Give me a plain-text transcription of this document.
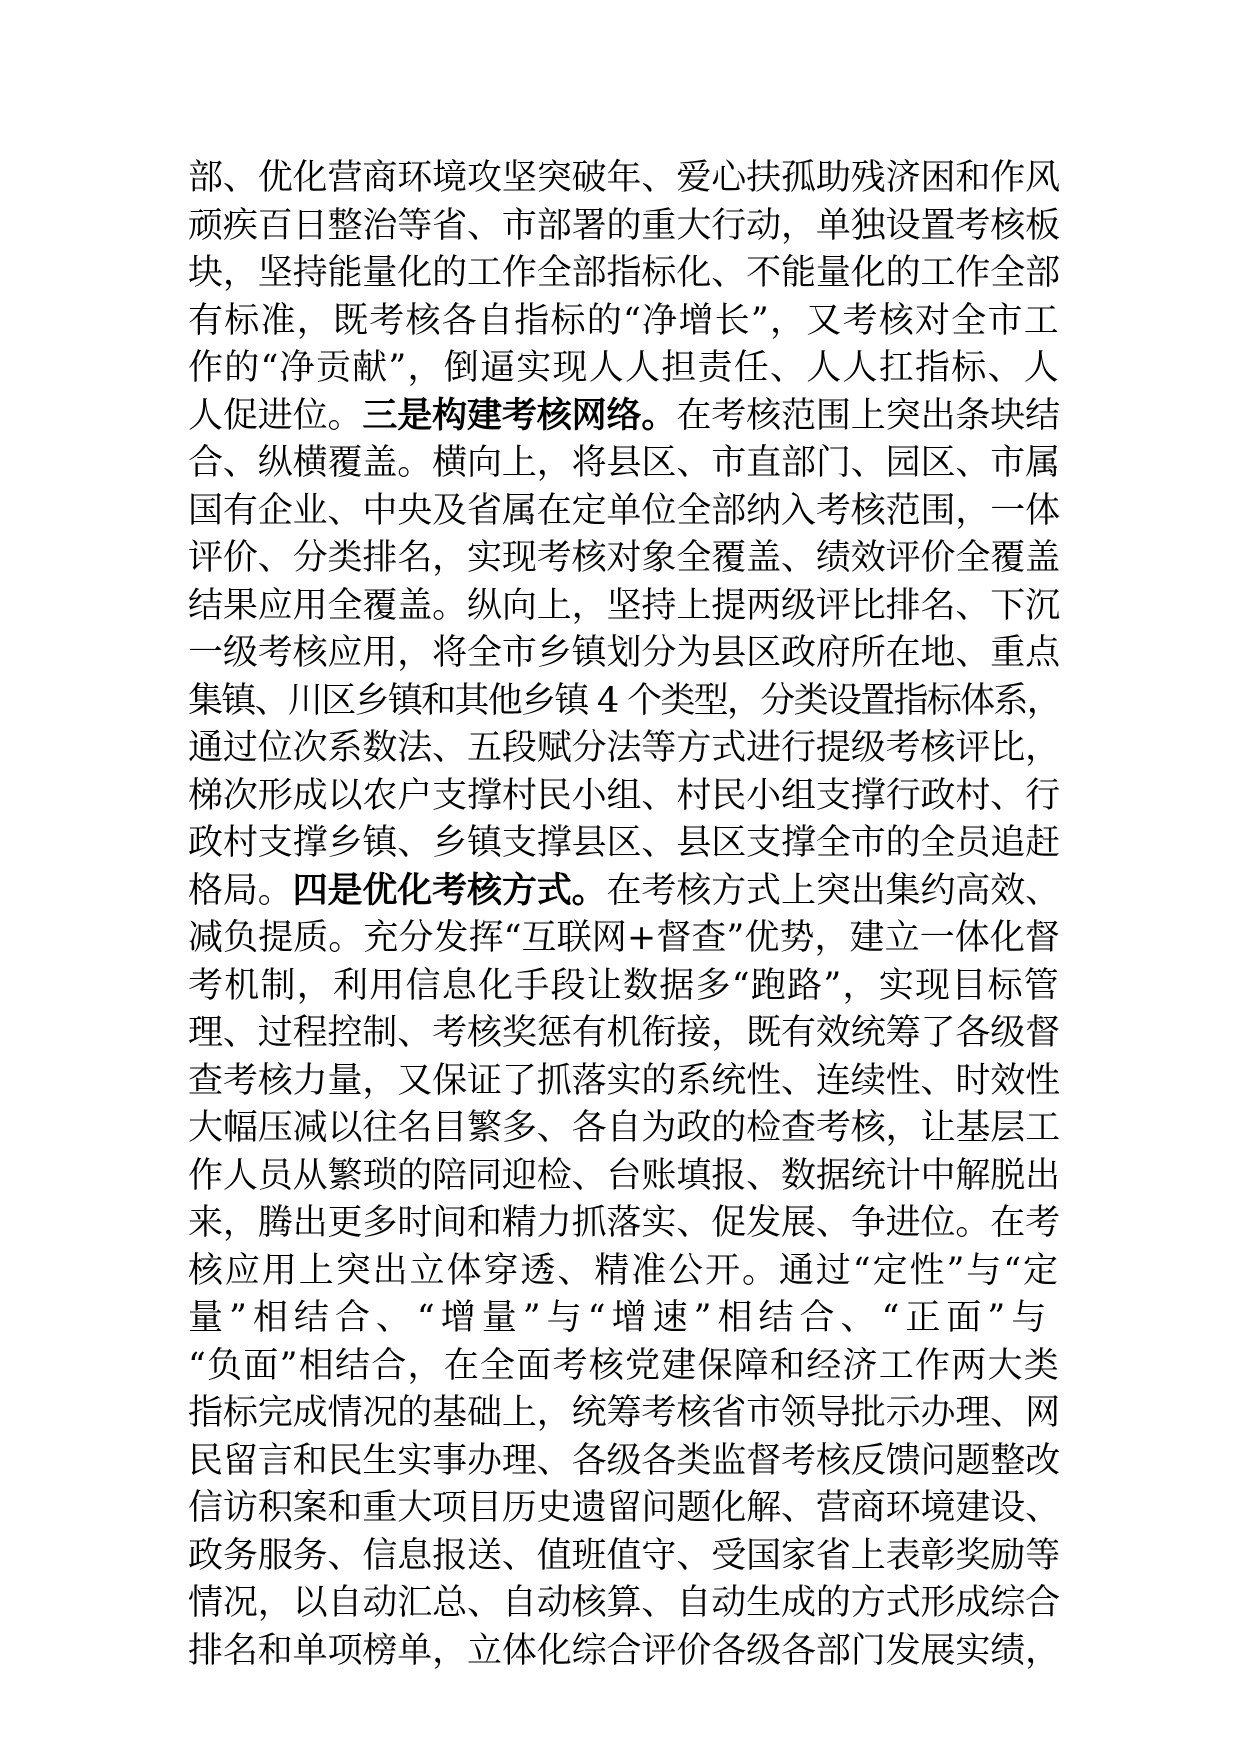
部、优化营商环境攻坚突破年、爱心扶孤助残济困和作风
顽疾百日整治等省、市部署的重大行动，单独设置考核板
块，坚持能量化的工作全部指标化、不能量化的工作全部
有标准，既考核各自指标的“净增长”，又考核对全市工
作的“净贡献”，倒逼实现人人担责任、人人扛指标、人
人促进位。三是构建考核网络。在考核范围上突出条块结
合、纵横覆盖。横向上，将县区、市直部门、园区、市属
国有企业、中央及省属在定单位全部纳入考核范围，一体
评价、分类排名，实现考核对象全覆盖、绩效评价全覆盖
结果应用全覆盖。纵向上，坚持上提两级评比排名、下沉
一级考核应用，将全市乡镇划分为县区政府所在地、重点
集镇、川区乡镇和其他乡镇 4 个类型，分类设置指标体系，
通过位次系数法、五段赋分法等方式进行提级考核评比，
梯次形成以农户支撑村民小组、村民小组支撑行政村、行
政村支撑乡镇、乡镇支撑县区、县区支撑全市的全员追赶
格局。四是优化考核方式。在考核方式上突出集约高效、
减负提质。充分发挥“互联网+督查”优势，建立一体化督
考机制，利用信息化手段让数据多“跑路”，实现目标管
理、过程控制、考核奖惩有机衔接，既有效统筹了各级督
查考核力量，又保证了抓落实的系统性、连续性、时效性
大幅压减以往名目繁多、各自为政的检查考核，让基层工
作人员从繁琐的陪同迎检、台账填报、数据统计中解脱出
来，腾出更多时间和精力抓落实、促发展、争进位。在考
核应用上突出立体穿透、精准公开。通过“定性”与“定
量”相结合、“增量”与“增速”相结合、“正面”与
“负面”相结合，在全面考核党建保障和经济工作两大类
指标完成情况的基础上，统筹考核省市领导批示办理、网
民留言和民生实事办理、各级各类监督考核反馈问题整改
信访积案和重大项目历史遗留问题化解、营商环境建设、
政务服务、信息报送、值班值守、受国家省上表彰奖励等
情况，以自动汇总、自动核算、自动生成的方式形成综合
排名和单项榜单，立体化综合评价各级各部门发展实绩，
